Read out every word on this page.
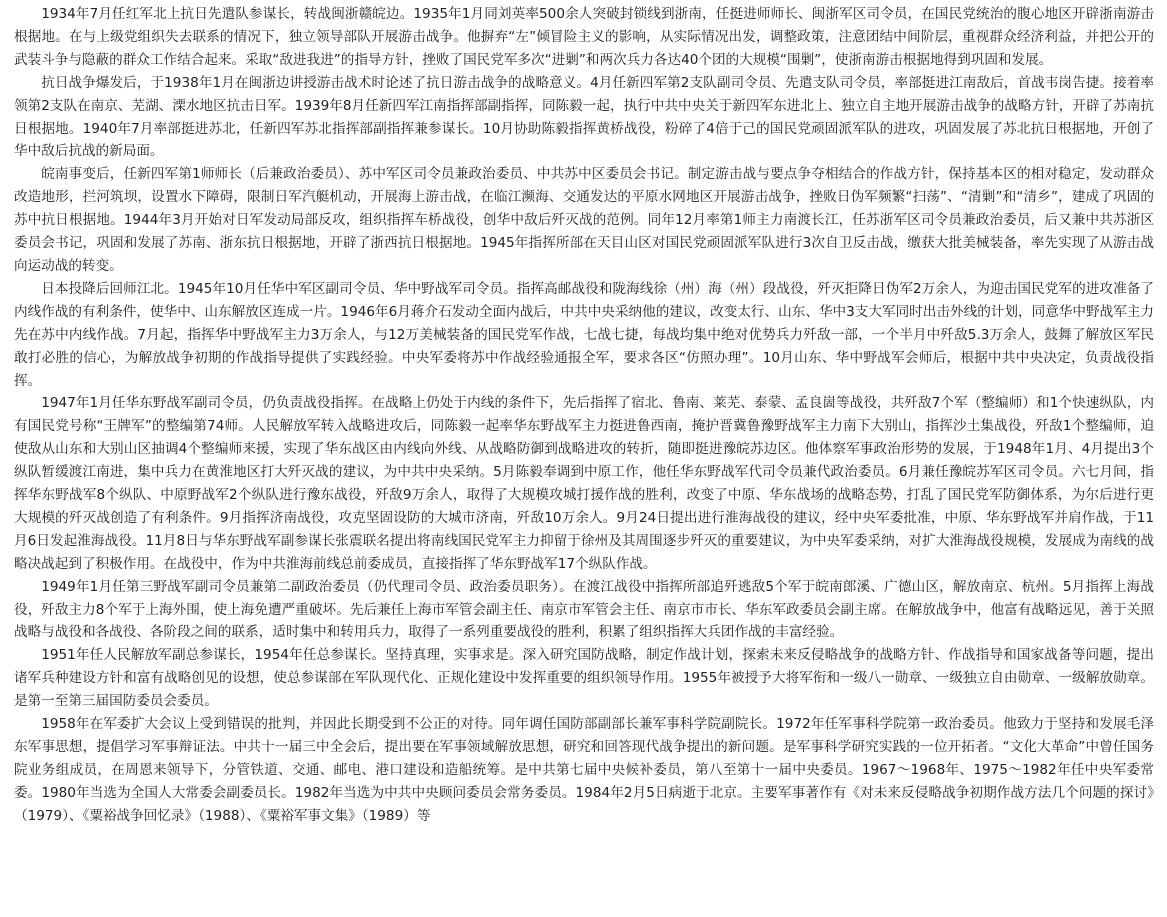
1934年7月任红军北上抗日先遣队参谋长，转战闽浙赣皖边。1935年1月同刘英率500余人突破封锁线到浙南，任挺进师师长、闽浙军区司令员，在国民党统治的腹心地区开辟浙南游击根据地。在与上级党组织失去联系的情况下，独立领导部队开展游击战争。他摒弃“左”倾冒险主义的影响，从实际情况出发，调整政策，注意团结中间阶层，重视群众经济利益，并把公开的武装斗争与隐蔽的群众工作结合起来。采取“敌进我进”的指导方针，挫败了国民党军多次“进剿”和两次兵力各达40个团的大规模“围剿”，使浙南游击根据地得到巩固和发展。

抗日战争爆发后，于1938年1月在闽浙边讲授游击战术时论述了抗日游击战争的战略意义。4月任新四军第2支队副司令员、先遣支队司令员，率部挺进江南敌后，首战韦岗告捷。接着率领第2支队在南京、芜湖、溧水地区抗击日军。1939年8月任新四军江南指挥部副指挥，同陈毅一起，执行中共中央关于新四军东进北上、独立自主地开展游击战争的战略方针，开辟了苏南抗日根据地。1940年7月率部挺进苏北，任新四军苏北指挥部副指挥兼参谋长。10月协助陈毅指挥黄桥战役，粉碎了4倍于己的国民党顽固派军队的进攻，巩固发展了苏北抗日根据地，开创了华中敌后抗战的新局面。

皖南事变后，任新四军第1师师长（后兼政治委员）、苏中军区司令员兼政治委员、中共苏中区委员会书记。制定游击战与要点争夺相结合的作战方针，保持基本区的相对稳定，发动群众改造地形，拦河筑坝，设置水下障碍，限制日军汽艇机动，开展海上游击战，在临江濒海、交通发达的平原水网地区开展游击战争，挫败日伪军频繁“扫荡”、“清剿”和“清乡”，建成了巩固的苏中抗日根据地。1944年3月开始对日军发动局部反攻，组织指挥车桥战役，创华中敌后歼灭战的范例。同年12月率第1师主力南渡长江，任苏浙军区司令员兼政治委员，后又兼中共苏浙区委员会书记，巩固和发展了苏南、浙东抗日根据地，开辟了浙西抗日根据地。1945年指挥所部在天目山区对国民党顽固派军队进行3次自卫反击战，缴获大批美械装备，率先实现了从游击战向运动战的转变。

日本投降后回师江北。1945年10月任华中军区副司令员、华中野战军司令员。指挥高邮战役和陇海线徐（州）海（州）段战役，歼灭拒降日伪军2万余人，为迎击国民党军的进攻准备了内线作战的有利条件，使华中、山东解放区连成一片。1946年6月蒋介石发动全面内战后，中共中央采纳他的建议，改变太行、山东、华中3支大军同时出击外线的计划，同意华中野战军主力先在苏中内线作战。7月起，指挥华中野战军主力3万余人，与12万美械装备的国民党军作战，七战七捷，每战均集中绝对优势兵力歼敌一部，一个半月中歼敌5.3万余人，鼓舞了解放区军民敢打必胜的信心，为解放战争初期的作战指导提供了实践经验。中央军委将苏中作战经验通报全军，要求各区“仿照办理”。10月山东、华中野战军会师后，根据中共中央决定，负责战役指挥。

1947年1月任华东野战军副司令员，仍负责战役指挥。在战略上仍处于内线的条件下，先后指挥了宿北、鲁南、莱芜、泰蒙、孟良崮等战役，共歼敌7个军（整编师）和1个快速纵队，内有国民党号称“王牌军”的整编第74师。人民解放军转入战略进攻后，同陈毅一起率华东野战军主力挺进鲁西南，掩护晋冀鲁豫野战军主力南下大别山，指挥沙土集战役，歼敌1个整编师，迫使敌从山东和大别山区抽调4个整编师来援，实现了华东战区由内线向外线、从战略防御到战略进攻的转折，随即挺进豫皖苏边区。他体察军事政治形势的发展，于1948年1月、4月提出3个纵队暂缓渡江南进，集中兵力在黄淮地区打大歼灭战的建议，为中共中央采纳。5月陈毅奉调到中原工作，他任华东野战军代司令员兼代政治委员。6月兼任豫皖苏军区司令员。六七月间，指挥华东野战军8个纵队、中原野战军2个纵队进行豫东战役，歼敌9万余人，取得了大规模攻城打援作战的胜利，改变了中原、华东战场的战略态势，打乱了国民党军防御体系，为尔后进行更大规模的歼灭战创造了有利条件。9月指挥济南战役，攻克坚固设防的大城市济南，歼敌10万余人。9月24日提出进行淮海战役的建议，经中央军委批准，中原、华东野战军并肩作战，于11月6日发起淮海战役。11月8日与华东野战军副参谋长张震联名提出将南线国民党军主力抑留于徐州及其周围逐步歼灭的重要建议，为中央军委采纳，对扩大淮海战役规模，发展成为南线的战略决战起到了积极作用。在战役中，作为中共淮海前线总前委成员，直接指挥了华东野战军17个纵队作战。

1949年1月任第三野战军副司令员兼第二副政治委员（仍代理司令员、政治委员职务）。在渡江战役中指挥所部追歼逃敌5个军于皖南郎溪、广德山区，解放南京、杭州。5月指挥上海战役，歼敌主力8个军于上海外围，使上海免遭严重破坏。先后兼任上海市军管会副主任、南京市军管会主任、南京市市长、华东军政委员会副主席。在解放战争中，他富有战略远见，善于关照战略与战役和各战役、各阶段之间的联系，适时集中和转用兵力，取得了一系列重要战役的胜利，积累了组织指挥大兵团作战的丰富经验。

1951年任人民解放军副总参谋长，1954年任总参谋长。坚持真理，实事求是。深入研究国防战略，制定作战计划，探索未来反侵略战争的战略方针、作战指导和国家战备等问题，提出诸军兵种建设方针和富有战略创见的设想，使总参谋部在军队现代化、正规化建设中发挥重要的组织领导作用。1955年被授予大将军衔和一级八一勋章、一级独立自由勋章、一级解放勋章。是第一至第三届国防委员会委员。

1958年在军委扩大会议上受到错误的批判，并因此长期受到不公正的对待。同年调任国防部副部长兼军事科学院副院长。1972年任军事科学院第一政治委员。他致力于坚持和发展毛泽东军事思想，提倡学习军事辩证法。中共十一届三中全会后，提出要在军事领域解放思想，研究和回答现代战争提出的新问题。是军事科学研究实践的一位开拓者。“文化大革命”中曾任国务院业务组成员，在周恩来领导下，分管铁道、交通、邮电、港口建设和造船统筹。是中共第七届中央候补委员，第八至第十一届中央委员。1967～1968年、1975～1982年任中央军委常委。1980年当选为全国人大常委会副委员长。1982年当选为中共中央顾问委员会常务委员。1984年2月5日病逝于北京。主要军事著作有《对未来反侵略战争初期作战方法几个问题的探讨》（1979）、《粟裕战争回忆录》（1988）、《粟裕军事文集》（1989）等
